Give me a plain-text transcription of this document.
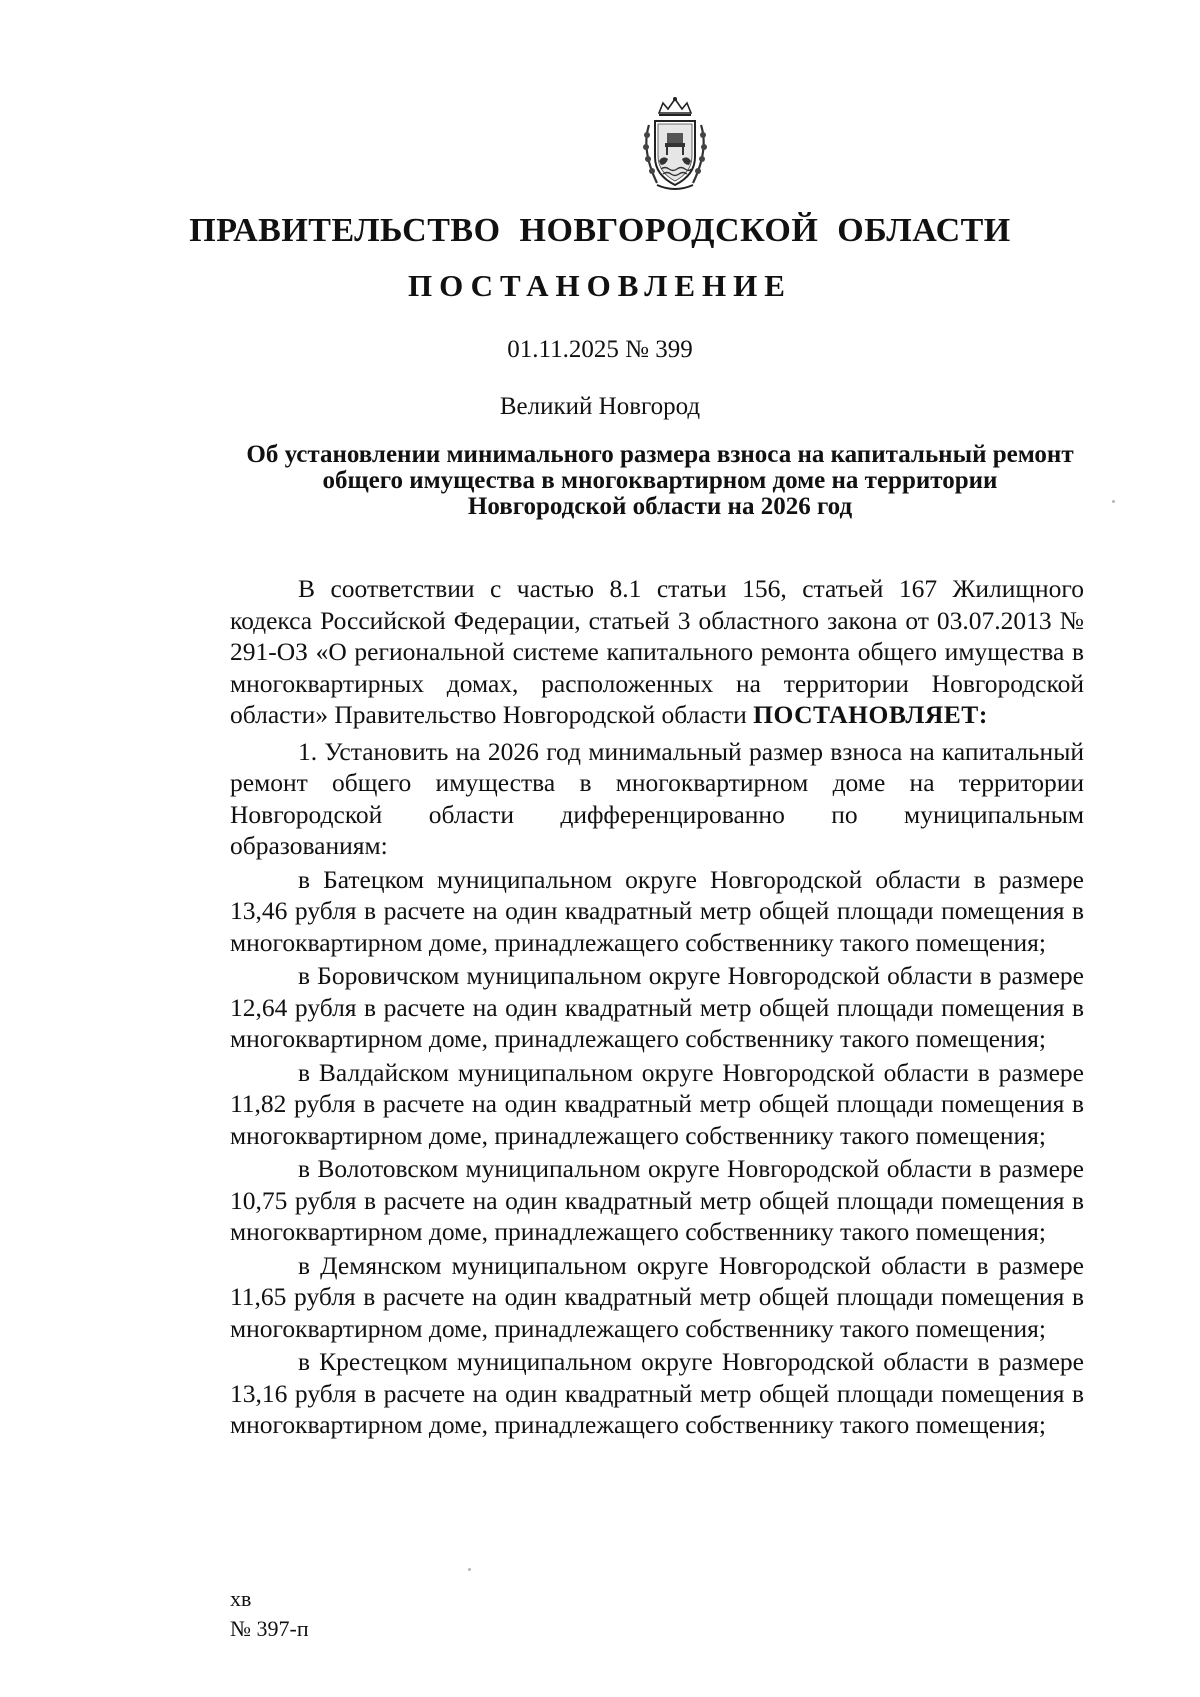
ПРАВИТЕЛЬСТВО НОВГОРОДСКОЙ ОБЛАСТИ
ПОСТАНОВЛЕНИЕ
01.11.2025 № 399
Великий Новгород
Об установлении минимального размера взноса на капитальный ремонт
общего имущества в многоквартирном доме на территории
Новгородской области на 2026 год

В соответствии с частью 8.1 статьи 156, статьей 167 Жилищного кодекса Российской Федерации, статьей 3 областного закона от 03.07.2013 № 291-ОЗ «О региональной системе капитального ремонта общего имущества в многоквартирных домах, расположенных на территории Новгородской области» Правительство Новгородской области ПОСТАНОВЛЯЕТ:

1. Установить на 2026 год минимальный размер взноса на капитальный ремонт общего имущества в многоквартирном доме на территории Новгородской области дифференцированно по муниципальным образованиям:

в Батецком муниципальном округе Новгородской области в размере 13,46 рубля в расчете на один квадратный метр общей площади помещения в многоквартирном доме, принадлежащего собственнику такого помещения;

в Боровичском муниципальном округе Новгородской области в размере 12,64 рубля в расчете на один квадратный метр общей площади помещения в многоквартирном доме, принадлежащего собственнику такого помещения;

в Валдайском муниципальном округе Новгородской области в размере 11,82 рубля в расчете на один квадратный метр общей площади помещения в многоквартирном доме, принадлежащего собственнику такого помещения;

в Волотовском муниципальном округе Новгородской области в размере 10,75 рубля в расчете на один квадратный метр общей площади помещения в многоквартирном доме, принадлежащего собственнику такого помещения;

в Демянском муниципальном округе Новгородской области в размере 11,65 рубля в расчете на один квадратный метр общей площади помещения в многоквартирном доме, принадлежащего собственнику такого помещения;

в Крестецком муниципальном округе Новгородской области в размере 13,16 рубля в расчете на один квадратный метр общей площади помещения в многоквартирном доме, принадлежащего собственнику такого помещения;

хв
№ 397-п
